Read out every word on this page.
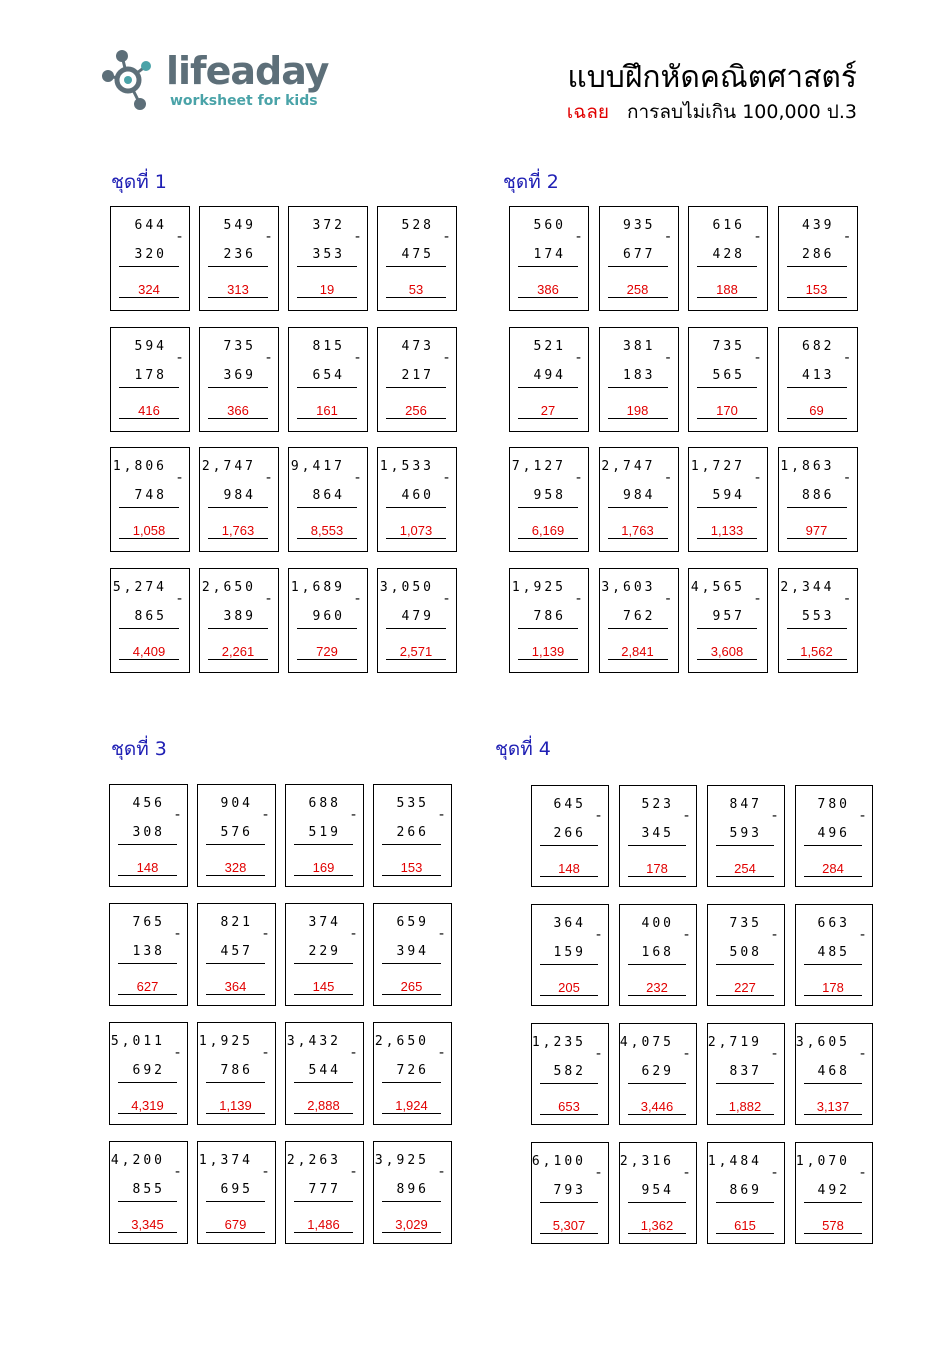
lifeaday
worksheet for kids
แบบฝึกหัดคณิตศาสตร์
เฉลย การลบไม่เกิน 100,000 ป.3
ชุดที่ 1	ชุดที่ 2
ชุดที่ 3	ชุดที่ 4
644
-
320
324
549
-
236
313
372
-
353
19
528
-
475
53
594
-
178
416
735
-
369
366
815
-
654
161
473
-
217
256
1,806
-
748
1,058
2,747
-
984
1,763
9,417
-
864
8,553
1,533
-
460
1,073
5,274
-
865
4,409
2,650
-
389
2,261
1,689
-
960
729
3,050
-
479
2,571
560
-
174
386
935
-
677
258
616
-
428
188
439
-
286
153
521
-
494
27
381
-
183
198
735
-
565
170
682
-
413
69
7,127
-
958
6,169
2,747
-
984
1,763
1,727
-
594
1,133
1,863
-
886
977
1,925
-
786
1,139
3,603
-
762
2,841
4,565
-
957
3,608
2,344
-
553
1,562
456
-
308
148
904
-
576
328
688
-
519
169
535
-
266
153
765
-
138
627
821
-
457
364
374
-
229
145
659
-
394
265
5,011
-
692
4,319
1,925
-
786
1,139
3,432
-
544
2,888
2,650
-
726
1,924
4,200
-
855
3,345
1,374
-
695
679
2,263
-
777
1,486
3,925
-
896
3,029
645
-
266
148
523
-
345
178
847
-
593
254
780
-
496
284
364
-
159
205
400
-
168
232
735
-
508
227
663
-
485
178
1,235
-
582
653
4,075
-
629
3,446
2,719
-
837
1,882
3,605
-
468
3,137
6,100
-
793
5,307
2,316
-
954
1,362
1,484
-
869
615
1,070
-
492
578
